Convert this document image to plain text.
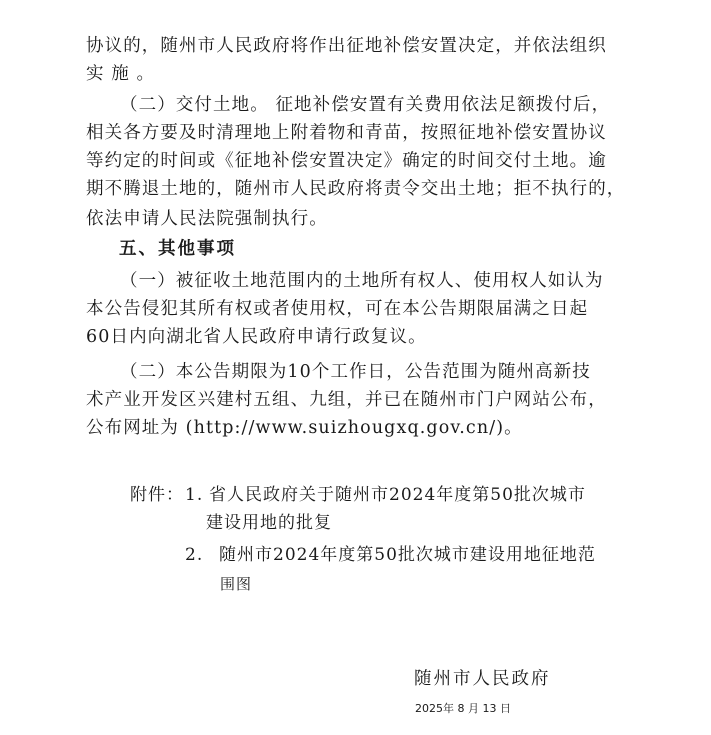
协议的，随州市人民政府将作出征地补偿安置决定，并依法组织
实 施 。
（二）交付土地。 征地补偿安置有关费用依法足额拨付后，
相关各方要及时清理地上附着物和青苗，按照征地补偿安置协议
等约定的时间或《征地补偿安置决定》确定的时间交付土地。逾
期不腾退土地的，随州市人民政府将责令交出土地；拒不执行的，
依法申请人民法院强制执行。
五、其他事项
（一）被征收土地范围内的土地所有权人、使用权人如认为
本公告侵犯其所有权或者使用权，可在本公告期限届满之日起
60日内向湖北省人民政府申请行政复议。
（二）本公告期限为10个工作日，公告范围为随州高新技
术产业开发区兴建村五组、九组，并已在随州市门户网站公布，
公布网址为 (http://www.suizhougxq.gov.cn/)。
附件： 1. 省人民政府关于随州市2024年度第50批次城市
建设用地的批复
2. 随州市2024年度第50批次城市建设用地征地范
围图
随州市人民政府
2025年 8 月 13 日
